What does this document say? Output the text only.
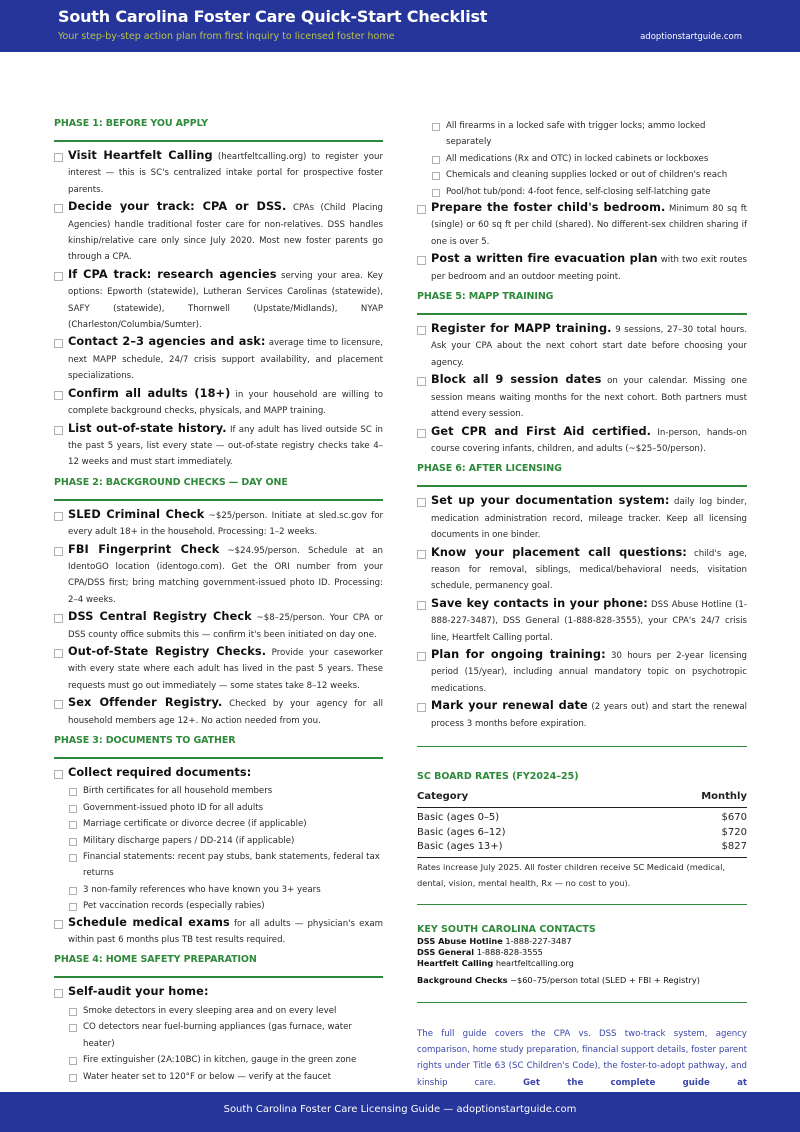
South Carolina Foster Care Quick-Start Checklist
Your step-by-step action plan from first inquiry to licensed foster home	adoptionstartguide.com
PHASE 1: BEFORE YOU APPLY
Visit Heartfelt Calling (heartfeltcalling.org) to register your interest — this is SC's centralized intake portal for prospective foster parents.
Decide your track: CPA or DSS. CPAs (Child Placing Agencies) handle traditional foster care for non-relatives. DSS handles kinship/relative care only since July 2020. Most new foster parents go through a CPA.
If CPA track: research agencies serving your area. Key options: Epworth (statewide), Lutheran Services Carolinas (statewide), SAFY (statewide), Thornwell (Upstate/Midlands), NYAP (Charleston/Columbia/Sumter).
Contact 2–3 agencies and ask: average time to licensure, next MAPP schedule, 24/7 crisis support availability, and placement specializations.
Confirm all adults (18+) in your household are willing to complete background checks, physicals, and MAPP training.
List out-of-state history. If any adult has lived outside SC in the past 5 years, list every state — out-of-state registry checks take 4–12 weeks and must start immediately.
PHASE 2: BACKGROUND CHECKS — DAY ONE
SLED Criminal Check ~$25/person. Initiate at sled.sc.gov for every adult 18+ in the household. Processing: 1–2 weeks.
FBI Fingerprint Check ~$24.95/person. Schedule at an IdentoGO location (identogo.com). Get the ORI number from your CPA/DSS first; bring matching government-issued photo ID. Processing: 2–4 weeks.
DSS Central Registry Check ~$8–25/person. Your CPA or DSS county office submits this — confirm it's been initiated on day one.
Out-of-State Registry Checks. Provide your caseworker with every state where each adult has lived in the past 5 years. These requests must go out immediately — some states take 8–12 weeks.
Sex Offender Registry. Checked by your agency for all household members age 12+. No action needed from you.
PHASE 3: DOCUMENTS TO GATHER
Collect required documents:
Birth certificates for all household members
Government-issued photo ID for all adults
Marriage certificate or divorce decree (if applicable)
Military discharge papers / DD-214 (if applicable)
Financial statements: recent pay stubs, bank statements, federal tax returns
3 non-family references who have known you 3+ years
Pet vaccination records (especially rabies)
Schedule medical exams for all adults — physician's exam within past 6 months plus TB test results required.
PHASE 4: HOME SAFETY PREPARATION
Self-audit your home:
Smoke detectors in every sleeping area and on every level
CO detectors near fuel-burning appliances (gas furnace, water heater)
Fire extinguisher (2A:10BC) in kitchen, gauge in the green zone
Water heater set to 120°F or below — verify at the faucet
All firearms in a locked safe with trigger locks; ammo locked separately
All medications (Rx and OTC) in locked cabinets or lockboxes
Chemicals and cleaning supplies locked or out of children's reach
Pool/hot tub/pond: 4-foot fence, self-closing self-latching gate
Prepare the foster child's bedroom. Minimum 80 sq ft (single) or 60 sq ft per child (shared). No different-sex children sharing if one is over 5.
Post a written fire evacuation plan with two exit routes per bedroom and an outdoor meeting point.
PHASE 5: MAPP TRAINING
Register for MAPP training. 9 sessions, 27–30 total hours. Ask your CPA about the next cohort start date before choosing your agency.
Block all 9 session dates on your calendar. Missing one session means waiting months for the next cohort. Both partners must attend every session.
Get CPR and First Aid certified. In-person, hands-on course covering infants, children, and adults (~$25–50/person).
PHASE 6: AFTER LICENSING
Set up your documentation system: daily log binder, medication administration record, mileage tracker. Keep all licensing documents in one binder.
Know your placement call questions: child's age, reason for removal, siblings, medical/behavioral needs, visitation schedule, permanency goal.
Save key contacts in your phone: DSS Abuse Hotline (1-888-227-3487), DSS General (1-888-828-3555), your CPA's 24/7 crisis line, Heartfelt Calling portal.
Plan for ongoing training: 30 hours per 2-year licensing period (15/year), including annual mandatory topic on psychotropic medications.
Mark your renewal date (2 years out) and start the renewal process 3 months before expiration.
SC BOARD RATES (FY2024–25)
Category	Monthly
Basic (ages 0–5)	$670
Basic (ages 6–12)	$720
Basic (ages 13+)	$827
Rates increase July 2025. All foster children receive SC Medicaid (medical, dental, vision, mental health, Rx — no cost to you).
KEY SOUTH CAROLINA CONTACTS
DSS Abuse Hotline 1-888-227-3487
DSS General 1-888-828-3555
Heartfelt Calling heartfeltcalling.org
Background Checks ~$60–75/person total (SLED + FBI + Registry)
The full guide covers the CPA vs. DSS two-track system, agency comparison, home study preparation, financial support details, foster parent rights under Title 63 (SC Children's Code), the foster-to-adopt pathway, and kinship care.	Get the complete guide at
South Carolina Foster Care Licensing Guide — adoptionstartguide.com
